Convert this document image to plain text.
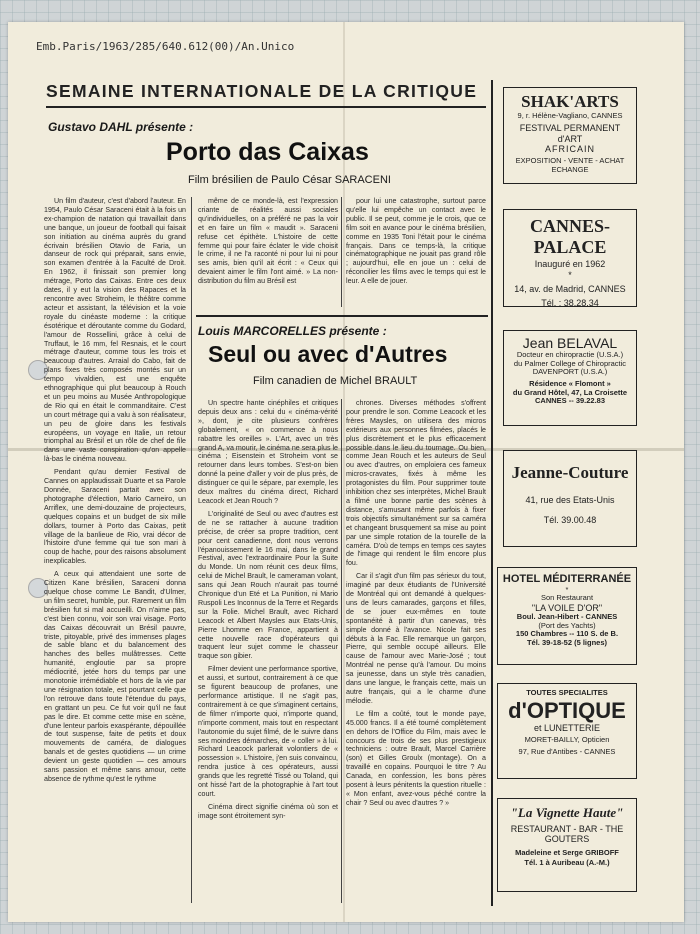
Emb.Paris/1963/285/640.612(00)/An.Unico
SEMAINE INTERNATIONALE DE LA CRITIQUE
Gustavo DAHL présente :
Porto das Caixas
Film brésilien de Paulo César SARACENI

Un film d'auteur, c'est d'abord l'auteur. En 1954, Paulo César Saraceni était à la fois un ex-champion de natation qui travaillait dans une banque, un joueur de football qui faisait son initiation au cinéma auprès du grand écrivain brésilien Otavio de Faria, un danseur de rock qui préparait, sans envie, son examen d'entrée à la Faculté de Droit. En 1962, il finissait son premier long métrage, Porto das Caixas. Entre ces deux dates, il y eut la vision des Rapaces et la rencontre avec Stroheim, le théâtre comme acteur et assistant, la télévision et la voie royale du cinéaste moderne : la critique ésotérique et déroutante comme du Godard, l'amour de Rossellini, grâce à celui de Truffaut, le 16 mm, fel Resnais, et le court métrage d'auteur, comme tous les trois et beaucoup d'autres. Arraial do Cabo, fait de plans fixes très composés montés sur un tempo vivaldien, est une enquête ethnographique qui plut beaucoup à Rouch et un peu moins au Musée Anthropologique de Rio qui en était le commanditaire. C'est un court métrage qui a valu à son réalisateur, un peu de gloire dans les festivals européens, un voyage en Italie, un retour triomphal au Brésil et un rôle de chef de file dans une vaste conspiration qu'on appelle là-bas le cinéma nouveau.

Pendant qu'au dernier Festival de Cannes on applaudissait Duarte et sa Parole Donnée, Saraceni partait avec son photographe d'élection, Mario Carneiro, un Arriflex, une demi-douzaine de projecteurs, quelques copains et un budget de six mille dollars, tourner à Porto das Caixas, petit village de la banlieue de Rio, vrai décor de l'histoire d'une femme qui tue son mari à coup de hache, pour des raisons absolument inexplicables.

A ceux qui attendaient une sorte de Citizen Kane brésilien, Saraceni donna quelque chose comme Le Bandit, d'Ulmer, un film secret, humble, pur. Rarement un film brésilien fut si mal accueilli. On n'aime pas, c'est bien connu, voir son vrai visage. Porto das Caixas découvrait un Brésil pauvre, triste, pitoyable, privé des immenses plages de sable blanc et du balancement des hanches des belles mulâtresses. Cette humanité, engloutie par sa propre médiocrité, jetée hors du temps par une monotonie irrémédiable et hors de la vie par une résignation totale, est pourtant celle que l'on retrouve dans toute l'étendue du pays, en grattant un peu. Ce fut voir qu'il ne faut pas le dire. Et comme cette mise en scène, d'une lenteur parfois exaspérante, dépouillée de tout suspense, faite de petits et doux mouvements de caméra, de dialogues banals et de gestes quotidiens — un crime devient un geste quotidien — ces amours sans passion et même sans amour, cette absence de rythme qu'est le rythme

même de ce monde-là, est l'expression criante de réalités aussi sociales qu'individuelles, on a préféré ne pas la voir et en faire un film « maudit ». Saraceni refuse cet épithète. L'histoire de cette femme qui pour faire éclater le vide choisit le crime, il ne l'a raconté ni pour lui ni pour ses amis, bien qu'il ait écrit : « Ceux qui devaient aimer le film l'ont aimé. » La non-distribution du film au Brésil est

pour lui une catastrophe, surtout parce qu'elle lui empêche un contact avec le public. Il se peut, comme je le crois, que ce film soit en avance pour le cinéma brésilien, comme en 1935 Toni l'était pour le cinéma français. Dans ce temps-là, la critique cinématographique ne jouait pas grand rôle ; aujourd'hui, elle en joue un : celui de réconcilier les films avec le temps qui est le leur. A elle de jouer.

Louis MARCORELLES présente :
Seul ou avec d'Autres
Film canadien de Michel BRAULT

Un spectre hante cinéphiles et critiques depuis deux ans : celui du « cinéma-vérité », dont, je cite plusieurs confrères globalement, « on commence à nous rabattre les oreilles ». L'Art, avec un très grand A, va mourir, le cinéma ne sera plus le cinéma ; Eisenstein et Stroheim vont se retourner dans leurs tombes. S'est-on bien donné la peine d'aller y voir de plus près, de distinguer ce qui le sépare, par exemple, les deux maîtres du cinéma direct, Richard Leacock et Jean Rouch ?

L'originalité de Seul ou avec d'autres est de ne se rattacher à aucune tradition précise, de créer sa propre tradition, cent pour cent canadienne, dont nous verrons l'épanouissement le 16 mai, dans le grand Festival, avec l'extraordinaire Pour la Suite du Monde. Un nom réunit ces deux films, celui de Michel Brault, le cameraman volant, sans qui Jean Rouch n'aurait pas tourné Chronique d'un Eté et La Punition, ni Mario Ruspoli Les Inconnus de la Terre et Regards sur la Folie. Michel Brault, avec Richard Leacock et Albert Maysles aux Etats-Unis, Pierre Lhomme en France, appartient à cette nouvelle race d'opérateurs qui traquent leur sujet comme le chasseur traque son gibier.

Filmer devient une performance sportive, et aussi, et surtout, contrairement à ce que se figurent beaucoup de profanes, une performance artistique. Il ne s'agit pas, contrairement à ce que s'imaginent certains, de filmer n'importe quoi, n'importe quand, n'importe comment, mais tout en respectant l'autonomie du sujet filmé, de le suivre dans ses moindres démarches, de « coller » à lui. Richard Leacock parlerait volontiers de « possession ». L'histoire, j'en suis convaincu, rendra justice à ces opérateurs, aussi grands que les regretté Tissé ou Toland, qui ont hissé l'art de la photographie à l'art tout court.

Cinéma direct signifie cinéma où son et image sont étroitement syn-

chrones. Diverses méthodes s'offrent pour prendre le son. Comme Leacock et les frères Maysles, on utilisera des micros extérieurs aux personnes filmées, placés le plus discrètement et le plus efficacement possible dans le lieu du tournage. Ou bien, comme Jean Rouch et les auteurs de Seul ou avec d'autres, on emploiera ces fameux micros-cravates, fixés à même les protagonistes du film. Pour supprimer toute inhibition chez ses interprètes, Michel Brault a filmé une bonne partie des scènes à distance, s'amusant même parfois à fixer trois objectifs simultanément sur sa caméra et changeant brusquement sa mise au point par une simple rotation de la tourelle de la caméra. D'où de temps en temps ces saytes de l'image qui rendent le film encore plus fou.

Car il s'agit d'un film pas sérieux du tout, imaginé par deux étudiants de l'Université de Montréal qui ont demandé à quelques-uns de leurs camarades, garçons et filles, de se jouer eux-mêmes en toute spontanéité à partir d'un canevas, très simple donné à l'avance. Nicole fait ses débuts à la Fac. Elle remarque un garçon, Pierre, qui semble occupé ailleurs. Elle cause de l'amour avec Marie-José ; tout Montréal ne pense qu'à l'amour. Du moins sa jeunesse, dans un style très canadien, dans une langue, le français cette, mais un autre français, qui a le charme d'une mélodie.

Le film a coûté, tout le monde paye, 45.000 francs. Il a été tourné complètement en dehors de l'Office du Film, mais avec le concours de trois de ses plus prestigieux techniciens : outre Brault, Marcel Carrière (son) et Gilles Groulx (montage). On a travaillé en copains. Pourquoi le titre ? Au Canada, en confession, les bons pères posent à leurs pénitents la question rituelle : « Mon enfant, avez-vous péché contre la chair ? Seul ou avec d'autres ? »

SHAK'ARTS
9, r. Hélène-Vagliano, CANNES
FESTIVAL PERMANENT
d'ART
AFRICAIN
EXPOSITION - VENTE - ACHAT
ECHANGE
CANNES-PALACE
Inauguré en 1962
*
14, av. de Madrid, CANNES
Tél. : 38.28.34
Jean BELAVAL
Docteur en chiropractie (U.S.A.)
du Palmer College of Chiropractic
DAVENPORT (U.S.A.)
Résidence « Flomont »
du Grand Hôtel, 47, La Croisette
CANNES -- 39.22.83
Jeanne-Couture
41, rue des Etats-Unis
Tél. 39.00.48
HOTEL MÉDITERRANÉE
*
Son Restaurant
"LA VOILE D'OR"
Boul. Jean-Hibert - CANNES
(Port des Yachts)
150 Chambres -- 110 S. de B.
Tél. 39-18-52 (5 lignes)
TOUTES SPECIALITES
d'OPTIQUE
et LUNETTERIE
MORET-BAILLY, Opticien
97, Rue d'Antibes - CANNES
"La Vignette Haute"
RESTAURANT - BAR - THE
GOUTERS
Madeleine et Serge GRIBOFF
Tél. 1 à Auribeau (A.-M.)
